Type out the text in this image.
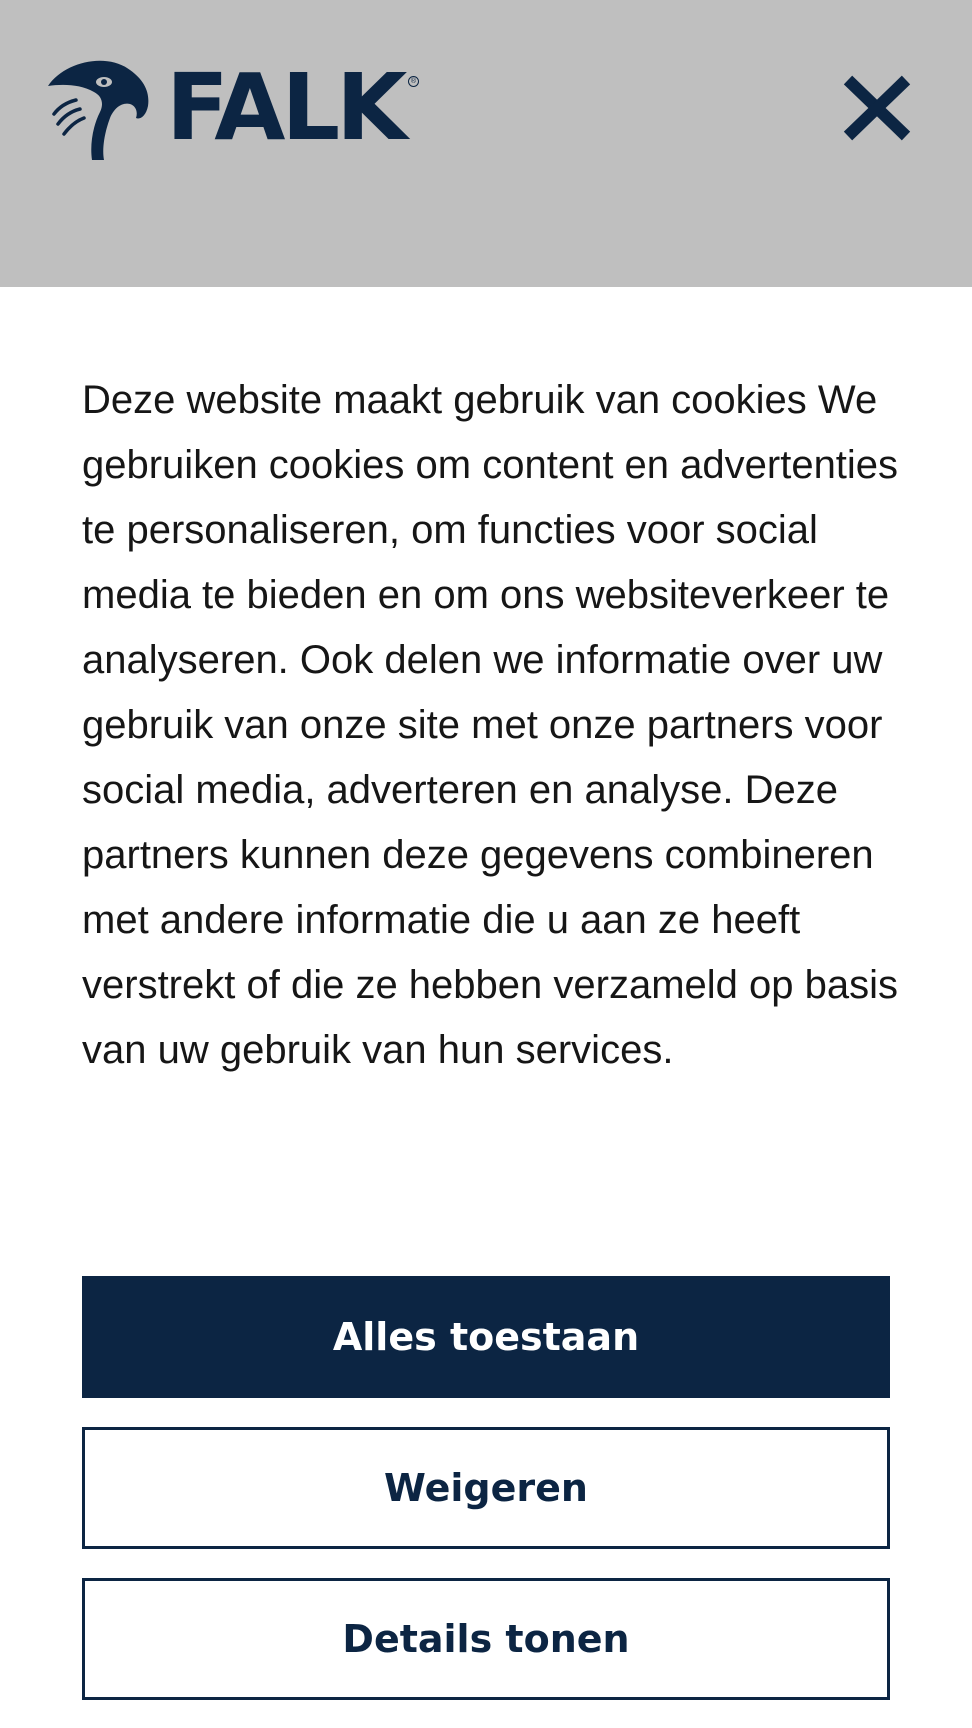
FALK	®

Deze website maakt gebruik van cookies We gebruiken cookies om content en advertenties te personaliseren, om functies voor social media te bieden en om ons websiteverkeer te analyseren. Ook delen we informatie over uw gebruik van onze site met onze partners voor social media, adverteren en analyse. Deze partners kunnen deze gegevens combineren met andere informatie die u aan ze heeft verstrekt of die ze hebben verzameld op basis van uw gebruik van hun services.

Alles toestaan
Weigeren
Details tonen
